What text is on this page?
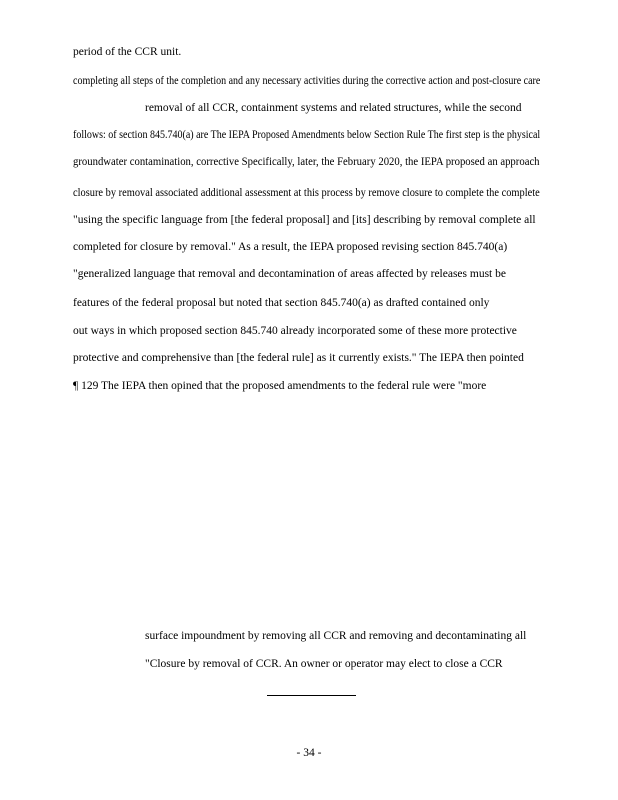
period of the CCR unit.
completing all steps of the completion and any necessary activities during the corrective action and post-closure care
removal of all CCR, containment systems and related structures, while the second
follows: of section 845.740(a) are The IEPA Proposed Amendments below Section Rule The first step is the physical
groundwater contamination, corrective Specifically, later, the February 2020, the IEPA proposed an approach
closure by removal associated additional assessment at this process by remove closure to complete the complete
"using the specific language from [the federal proposal] and [its] describing by removal complete all
completed for closure by removal." As a result, the IEPA proposed revising section 845.740(a)
"generalized language that removal and decontamination of areas affected by releases must be
features of the federal proposal but noted that section 845.740(a) as drafted contained only
out ways in which proposed section 845.740 already incorporated some of these more protective
protective and comprehensive than [the federal rule] as it currently exists." The IEPA then pointed
¶ 129 The IEPA then opined that the proposed amendments to the federal rule were "more
surface impoundment by removing all CCR and removing and decontaminating all
"Closure by removal of CCR. An owner or operator may elect to close a CCR
- 34 -
